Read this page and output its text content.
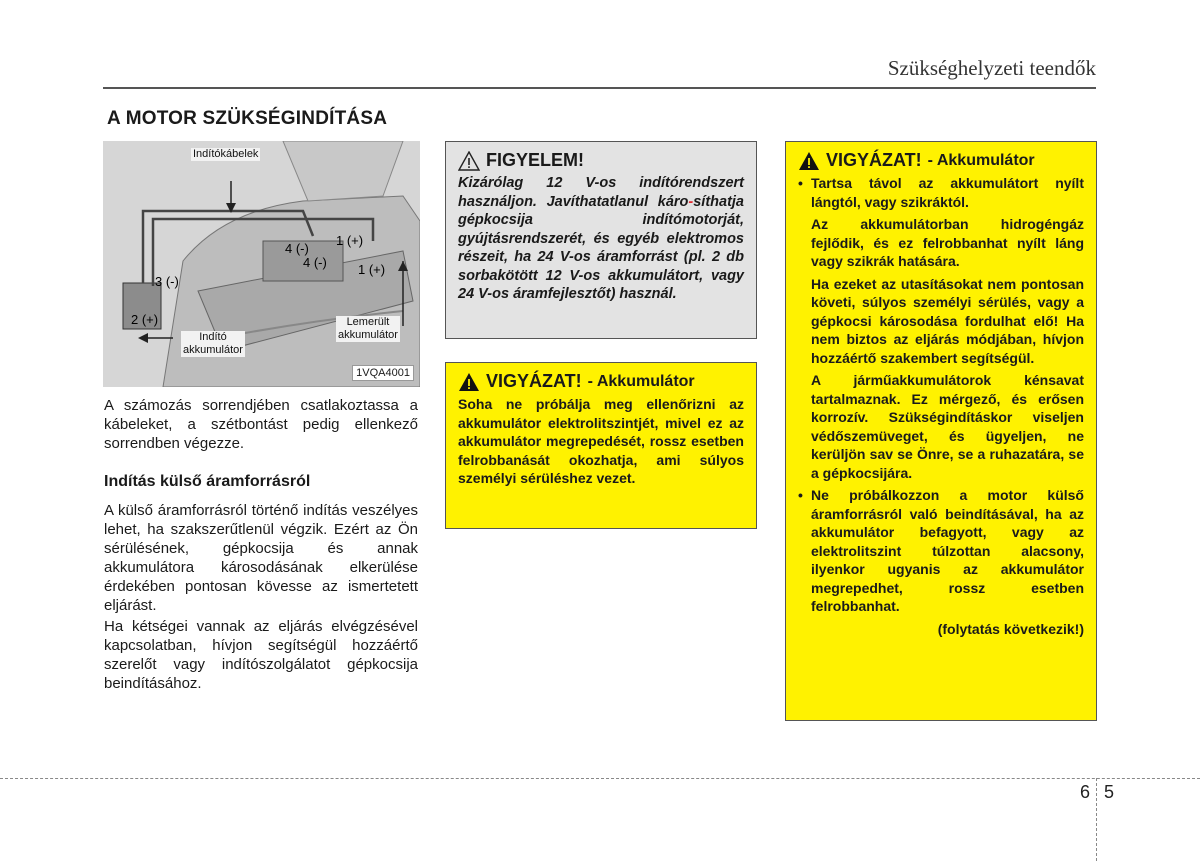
Szükséghelyzeti teendők
A MOTOR SZÜKSÉGINDÍTÁSA
Indítókábelek
Indító
akkumulátor
Lemerült
akkumulátor
1 (+)
1 (+)
2 (+)
3 (-)
4 (-)
4 (-)
1VQA4001
A számozás sorrendjében csatlakoztassa a kábeleket, a szétbontást pedig ellenkező sorrendben végezze.
Indítás külső áramforrásról
A külső áramforrásról történő indítás veszélyes lehet, ha szakszerűtlenül végzik. Ezért az Ön sérülésének, gépkocsija és annak akkumulátora károsodásának elkerülése érdekében pontosan kövesse az ismertetett eljárást.
Ha kétségei vannak az eljárás elvégzésével kapcsolatban, hívjon segítségül hozzáértő szerelőt vagy indítószolgálatot gépkocsija beindításához.
FIGYELEM!
Kizárólag 12 V-os indítórendszert használjon. Javíthatatlanul káro-síthatja gépkocsija indítómotorját, gyújtásrendszerét, és egyéb elektromos részeit, ha 24 V-os áramforrást (pl. 2 db sorbakötött 12 V-os akkumulátort, vagy 24 V-os áramfejlesztőt) használ.
VIGYÁZAT! - Akkumulátor
Soha ne próbálja meg ellenőrizni az akkumulátor elektrolitszintjét, mivel ez az akkumulátor megrepedését, rossz esetben felrobbanását okozhatja, ami súlyos személyi sérüléshez vezet.
VIGYÁZAT! - Akkumulátor
• Tartsa távol az akkumulátort nyílt lángtól, vagy szikráktól.

Az akkumulátorban hidrogéngáz fejlődik, és ez felrobbanhat nyílt láng vagy szikrák hatására.

Ha ezeket az utasításokat nem pontosan követi, súlyos személyi sérülés, vagy a gépkocsi károsodása fordulhat elő! Ha nem biztos az eljárás módjában, hívjon hozzáértő szakembert segítségül.

A járműakkumulátorok kénsavat tartalmaznak. Ez mérgező, és erősen korrozív. Szükségindításkor viseljen védőszemüveget, és ügyeljen, ne kerüljön sav se Önre, se a ruhazatára, se a gépkocsijára.

• Ne próbálkozzon a motor külső áramforrásról való beindításával, ha az akkumulátor befagyott, vagy az elektrolitszint túlzottan alacsony, ilyenkor ugyanis az akkumulátor megrepedhet, rossz esetben felrobbanhat.

(folytatás következik!)
6 5
